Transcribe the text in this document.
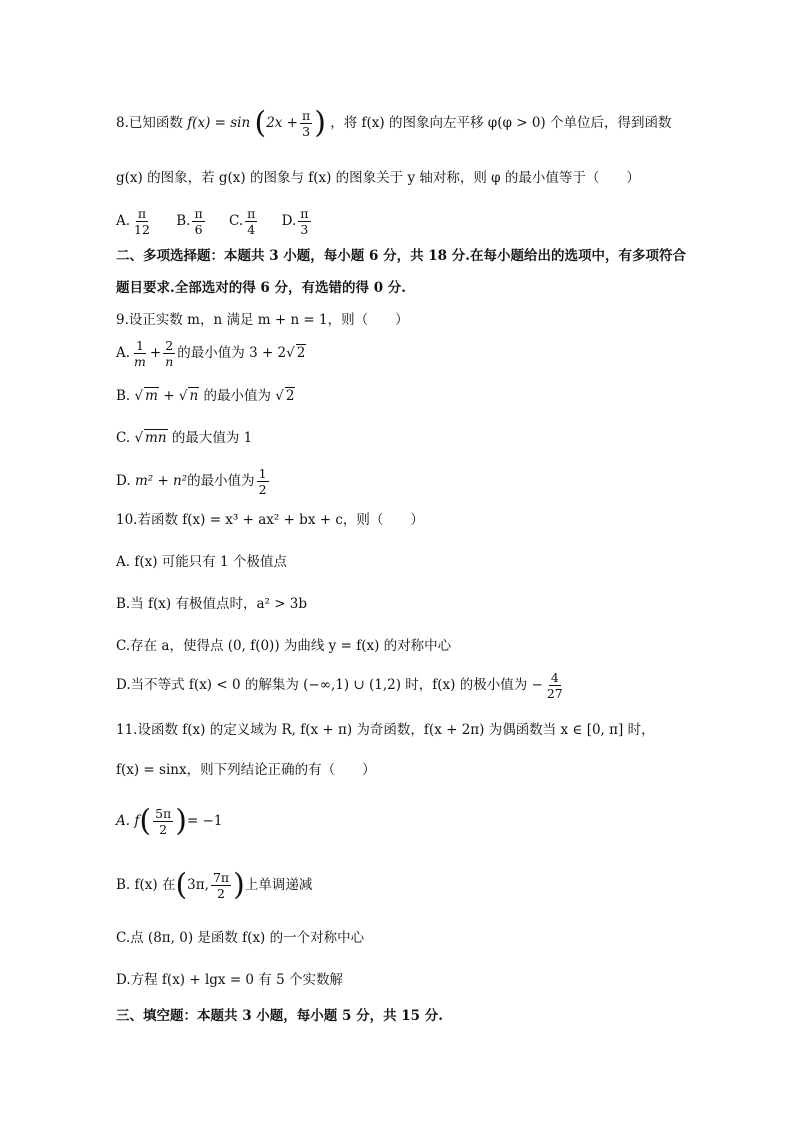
8.已知函数 $f(x) = \sin (2x + \frac{\pi}{3}$ ) ，将 f(x) 的图象向左平移 φ(φ > 0) 个单位后，得到函数
g(x) 的图象，若 g(x) 的图象与 f(x) 的图象关于 y 轴对称，则 φ 的最小值等于（　　）
A. $\frac{\pi}{12} B$. $\frac{\pi}{6} C$. $\frac{\pi}{4} D$. $\frac{\pi}{3}$
二、多项选择题：本题共 3 小题，每小题 6 分，共 18 分.在每小题给出的选项中，有多项符合
题目要求.全部选对的得 6 分，有选错的得 0 分.
9.设正实数 m，n 满足 m + n = 1，则（　　）
A. $\frac{1}{m} + \frac{2}{n}$ 的最小值为 3 + 2√ 2
B. √ m + √ n 的最小值为 √ 2
C. √ mn 的最大值为 1
D. m² + n²的最小值为 $\frac{1}{2}$
10.若函数 f(x) = x³ + ax² + bx + c，则（　　）
A. f(x) 可能只有 1 个极值点
B.当 f(x) 有极值点时，a² > 3b
C.存在 a，使得点 (0, f(0)) 为曲线 y = f(x) 的对称中心
D.当不等式 f(x) < 0 的解集为 (−∞,1) ∪ (1,2) 时，f(x) 的极小值为 − $\frac{4}{27}$
11.设函数 f(x) 的定义域为 R, f(x + π) 为奇函数，f(x + 2π) 为偶函数当 x ∈ [0, π] 时，
f(x) = sinx，则下列结论正确的有（　　）
A. $f( \frac{5\pi}{2}$ )= −1
B. f(x) 在(3π, $\frac{7\pi}{2}$ )上单调递减
C.点 (8π, 0) 是函数 f(x) 的一个对称中心
D.方程 f(x) + lgx = 0 有 5 个实数解
三、填空题：本题共 3 小题，每小题 5 分，共 15 分.
